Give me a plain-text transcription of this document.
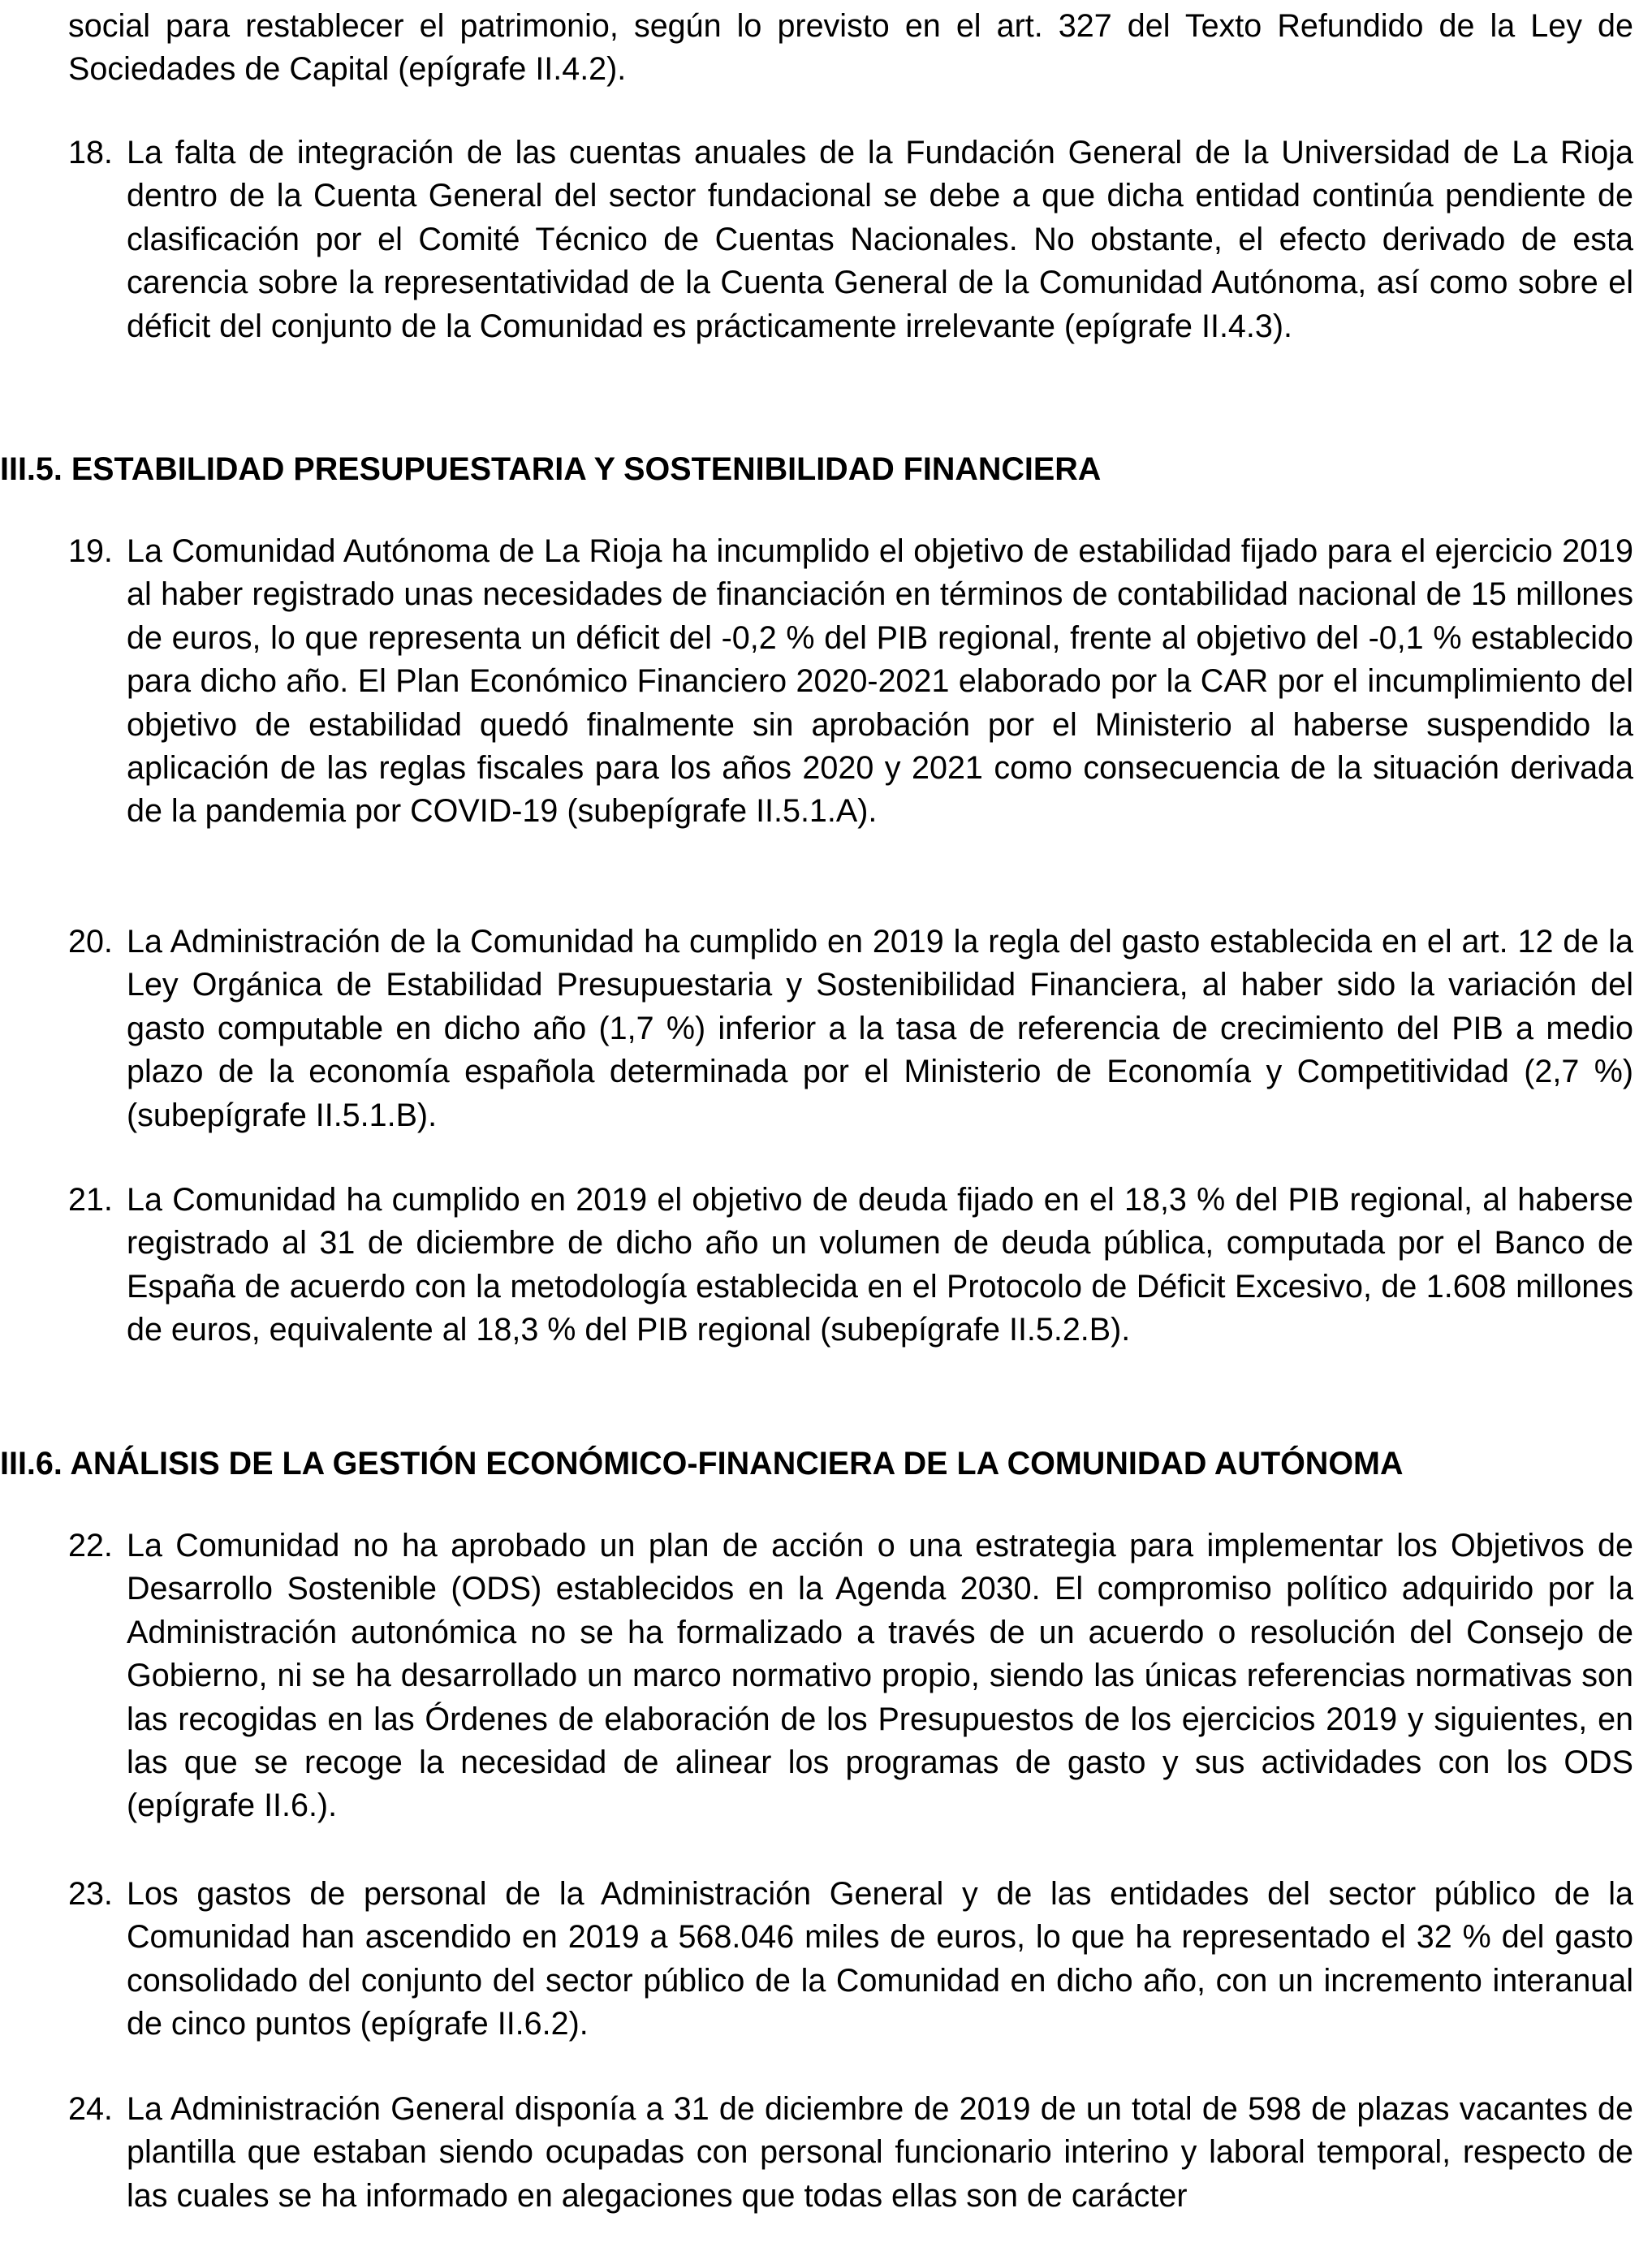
social para restablecer el patrimonio, según lo previsto en el art. 327 del Texto Refundido de la Ley de Sociedades de Capital (epígrafe II.4.2).

18. La falta de integración de las cuentas anuales de la Fundación General de la Universidad de La Rioja dentro de la Cuenta General del sector fundacional se debe a que dicha entidad continúa pendiente de clasificación por el Comité Técnico de Cuentas Nacionales. No obstante, el efecto derivado de esta carencia sobre la representatividad de la Cuenta General de la Comunidad Autónoma, así como sobre el déficit del conjunto de la Comunidad es prácticamente irrelevante (epígrafe II.4.3).

III.5. ESTABILIDAD PRESUPUESTARIA Y SOSTENIBILIDAD FINANCIERA

19. La Comunidad Autónoma de La Rioja ha incumplido el objetivo de estabilidad fijado para el ejercicio 2019 al haber registrado unas necesidades de financiación en términos de contabilidad nacional de 15 millones de euros, lo que representa un déficit del -0,2 % del PIB regional, frente al objetivo del -0,1 % establecido para dicho año. El Plan Económico Financiero 2020-2021 elaborado por la CAR por el incumplimiento del objetivo de estabilidad quedó finalmente sin aprobación por el Ministerio al haberse suspendido la aplicación de las reglas fiscales para los años 2020 y 2021 como consecuencia de la situación derivada de la pandemia por COVID-19 (subepígrafe II.5.1.A).
20. La Administración de la Comunidad ha cumplido en 2019 la regla del gasto establecida en el art. 12 de la Ley Orgánica de Estabilidad Presupuestaria y Sostenibilidad Financiera, al haber sido la variación del gasto computable en dicho año (1,7 %) inferior a la tasa de referencia de crecimiento del PIB a medio plazo de la economía española determinada por el Ministerio de Economía y Competitividad (2,7 %) (subepígrafe II.5.1.B).
21. La Comunidad ha cumplido en 2019 el objetivo de deuda fijado en el 18,3 % del PIB regional, al haberse registrado al 31 de diciembre de dicho año un volumen de deuda pública, computada por el Banco de España de acuerdo con la metodología establecida en el Protocolo de Déficit Excesivo, de 1.608 millones de euros, equivalente al 18,3 % del PIB regional (subepígrafe II.5.2.B).

III.6. ANÁLISIS DE LA GESTIÓN ECONÓMICO-FINANCIERA DE LA COMUNIDAD AUTÓNOMA

22. La Comunidad no ha aprobado un plan de acción o una estrategia para implementar los Objetivos de Desarrollo Sostenible (ODS) establecidos en la Agenda 2030. El compromiso político adquirido por la Administración autonómica no se ha formalizado a través de un acuerdo o resolución del Consejo de Gobierno, ni se ha desarrollado un marco normativo propio, siendo las únicas referencias normativas son las recogidas en las Órdenes de elaboración de los Presupuestos de los ejercicios 2019 y siguientes, en las que se recoge la necesidad de alinear los programas de gasto y sus actividades con los ODS (epígrafe II.6.).
23. Los gastos de personal de la Administración General y de las entidades del sector público de la Comunidad han ascendido en 2019 a 568.046 miles de euros, lo que ha representado el 32 % del gasto consolidado del conjunto del sector público de la Comunidad en dicho año, con un incremento interanual de cinco puntos (epígrafe II.6.2).
24. La Administración General disponía a 31 de diciembre de 2019 de un total de 598 de plazas vacantes de plantilla que estaban siendo ocupadas con personal funcionario interino y laboral temporal, respecto de las cuales se ha informado en alegaciones que todas ellas son de carácter
